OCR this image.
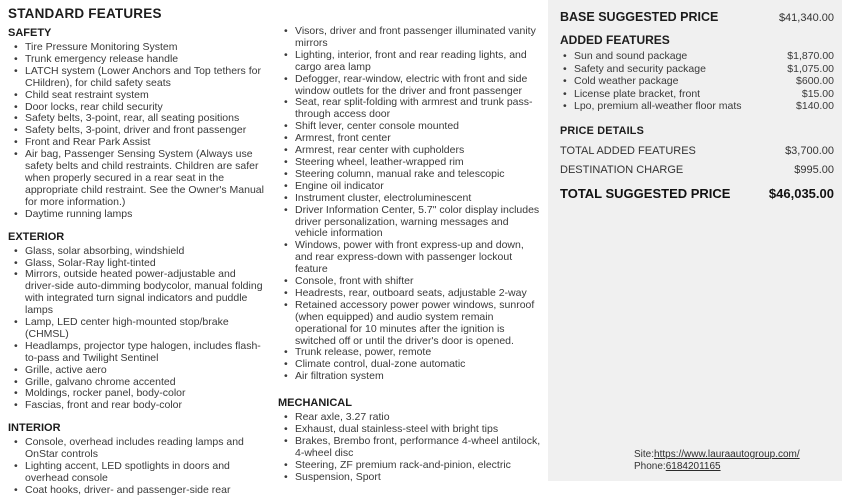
STANDARD FEATURES
SAFETY
• Tire Pressure Monitoring System
• Trunk emergency release handle
• LATCH system (Lower Anchors and Top tethers for CHildren), for child safety seats
• Child seat restraint system
• Door locks, rear child security
• Safety belts, 3-point, rear, all seating positions
• Safety belts, 3-point, driver and front passenger
• Front and Rear Park Assist
• Air bag, Passenger Sensing System (Always use safety belts and child restraints. Children are safer when properly secured in a rear seat in the appropriate child restraint. See the Owner's Manual for more information.)
• Daytime running lamps
EXTERIOR
• Glass, solar absorbing, windshield
• Glass, Solar-Ray light-tinted
• Mirrors, outside heated power-adjustable and driver-side auto-dimming bodycolor, manual folding with integrated turn signal indicators and puddle lamps
• Lamp, LED center high-mounted stop/brake (CHMSL)
• Headlamps, projector type halogen, includes flash-to-pass and Twilight Sentinel
• Grille, active aero
• Grille, galvano chrome accented
• Moldings, rocker panel, body-color
• Fascias, front and rear body-color
INTERIOR
• Console, overhead includes reading lamps and OnStar controls
• Lighting accent, LED spotlights in doors and overhead console
• Coat hooks, driver- and passenger-side rear
• Visors, driver and front passenger illuminated vanity mirrors
• Lighting, interior, front and rear reading lights, and cargo area lamp
• Defogger, rear-window, electric with front and side window outlets for the driver and front passenger
• Seat, rear split-folding with armrest and trunk pass-through access door
• Shift lever, center console mounted
• Armrest, front center
• Armrest, rear center with cupholders
• Steering wheel, leather-wrapped rim
• Steering column, manual rake and telescopic
• Engine oil indicator
• Instrument cluster, electroluminescent
• Driver Information Center, 5.7" color display includes driver personalization, warning messages and vehicle information
• Windows, power with front express-up and down, and rear express-down with passenger lockout feature
• Console, front with shifter
• Headrests, rear, outboard seats, adjustable 2-way
• Retained accessory power power windows, sunroof (when equipped) and audio system remain operational for 10 minutes after the ignition is switched off or until the driver's door is opened.
• Trunk release, power, remote
• Climate control, dual-zone automatic
• Air filtration system
MECHANICAL
• Rear axle, 3.27 ratio
• Exhaust, dual stainless-steel with bright tips
• Brakes, Brembo front, performance 4-wheel antilock, 4-wheel disc
• Steering, ZF premium rack-and-pinion, electric
• Suspension, Sport
BASE SUGGESTED PRICE	$41,340.00
ADDED FEATURES
• Sun and sound package	$1,870.00
• Safety and security package	$1,075.00
• Cold weather package	$600.00
• License plate bracket, front	$15.00
• Lpo, premium all-weather floor mats	$140.00
PRICE DETAILS
TOTAL ADDED FEATURES	$3,700.00
DESTINATION CHARGE	$995.00
TOTAL SUGGESTED PRICE	$46,035.00
Site:https://www.lauraautogroup.com/
Phone:6184201165
